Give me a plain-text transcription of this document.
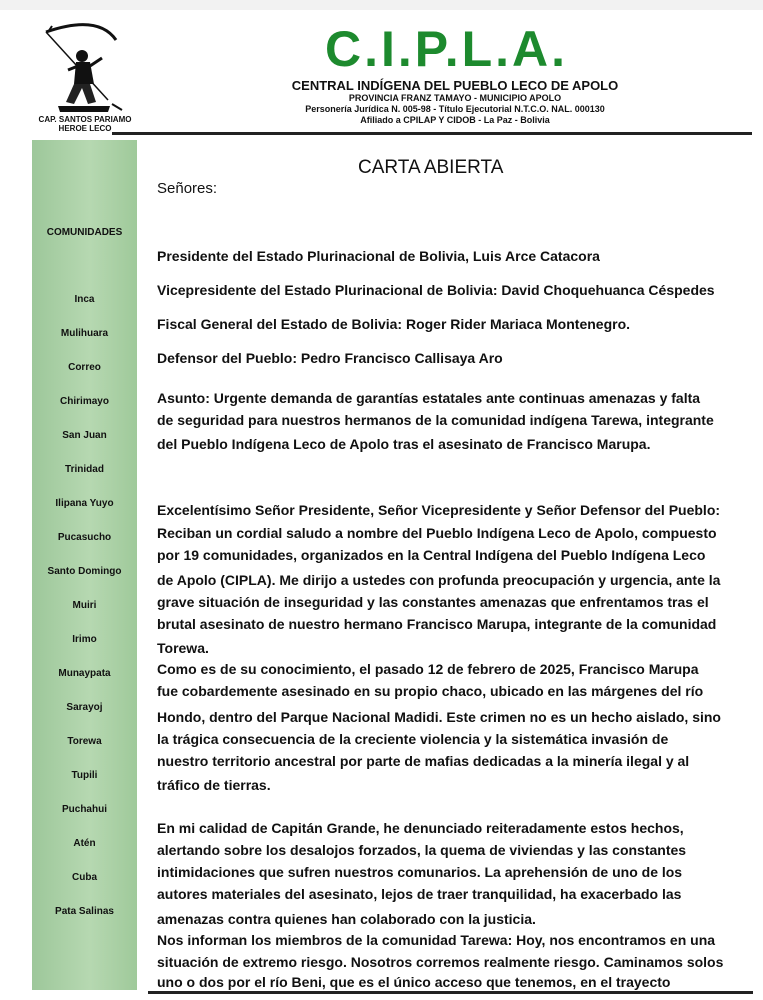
CAP. SANTOS PARIAMO
HEROE LECO
C.I.P.L.A.
CENTRAL INDÍGENA DEL PUEBLO LECO DE APOLO
PROVINCIA FRANZ TAMAYO - MUNICIPIO APOLO
Personería Jurídica N. 005-98 - Título Ejecutorial N.T.C.O. NAL. 000130
Afiliado a CPILAP Y CIDOB - La Paz - Bolivia
COMUNIDADES
Inca
Mulihuara
Correo
Chirimayo
San Juan
Trinidad
Ilipana Yuyo
Pucasucho
Santo Domingo
Muiri
Irimo
Munaypata
Sarayoj
Torewa
Tupili
Puchahui
Atén
Cuba
Pata Salinas
CARTA ABIERTA
Señores:
Presidente del Estado Plurinacional de Bolivia, Luis Arce Catacora
Vicepresidente del Estado Plurinacional de Bolivia: David Choquehuanca Céspedes
Fiscal General del Estado de Bolivia: Roger Rider Mariaca Montenegro.
Defensor del Pueblo: Pedro Francisco Callisaya Aro
Asunto: Urgente demanda de garantías estatales ante continuas amenazas y falta
de seguridad para nuestros hermanos de la comunidad indígena Tarewa, integrante
del Pueblo Indígena Leco de Apolo tras el asesinato de Francisco Marupa.
Excelentísimo Señor Presidente, Señor Vicepresidente y Señor Defensor del Pueblo:
Reciban un cordial saludo a nombre del Pueblo Indígena Leco de Apolo, compuesto
por 19 comunidades, organizados en la Central Indígena del Pueblo Indígena Leco
de Apolo (CIPLA). Me dirijo a ustedes con profunda preocupación y urgencia, ante la
grave situación de inseguridad y las constantes amenazas que enfrentamos tras el
brutal asesinato de nuestro hermano Francisco Marupa, integrante de la comunidad
Torewa.
Como es de su conocimiento, el pasado 12 de febrero de 2025, Francisco Marupa
fue cobardemente asesinado en su propio chaco, ubicado en las márgenes del río
Hondo, dentro del Parque Nacional Madidi. Este crimen no es un hecho aislado, sino
la trágica consecuencia de la creciente violencia y la sistemática invasión de
nuestro territorio ancestral por parte de mafias dedicadas a la minería ilegal y al
tráfico de tierras.
En mi calidad de Capitán Grande, he denunciado reiteradamente estos hechos,
alertando sobre los desalojos forzados, la quema de viviendas y las constantes
intimidaciones que sufren nuestros comunarios. La aprehensión de uno de los
autores materiales del asesinato, lejos de traer tranquilidad, ha exacerbado las
amenazas contra quienes han colaborado con la justicia.
Nos informan los miembros de la comunidad Tarewa: Hoy, nos encontramos en una
situación de extremo riesgo. Nosotros corremos realmente riesgo. Caminamos solos
uno o dos por el río Beni, que es el único acceso que tenemos, en el trayecto
